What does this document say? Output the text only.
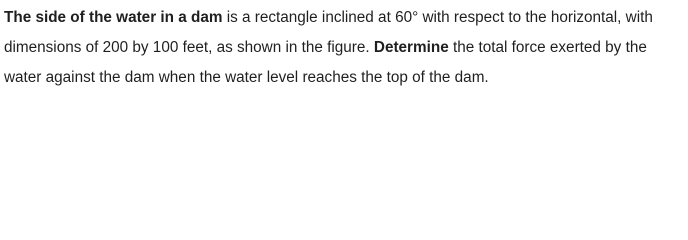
The side of the water in a dam is a rectangle inclined at 60° with respect to the horizontal, with dimensions of 200 by 100 feet, as shown in the figure. Determine the total force exerted by the water against the dam when the water level reaches the top of the dam.
